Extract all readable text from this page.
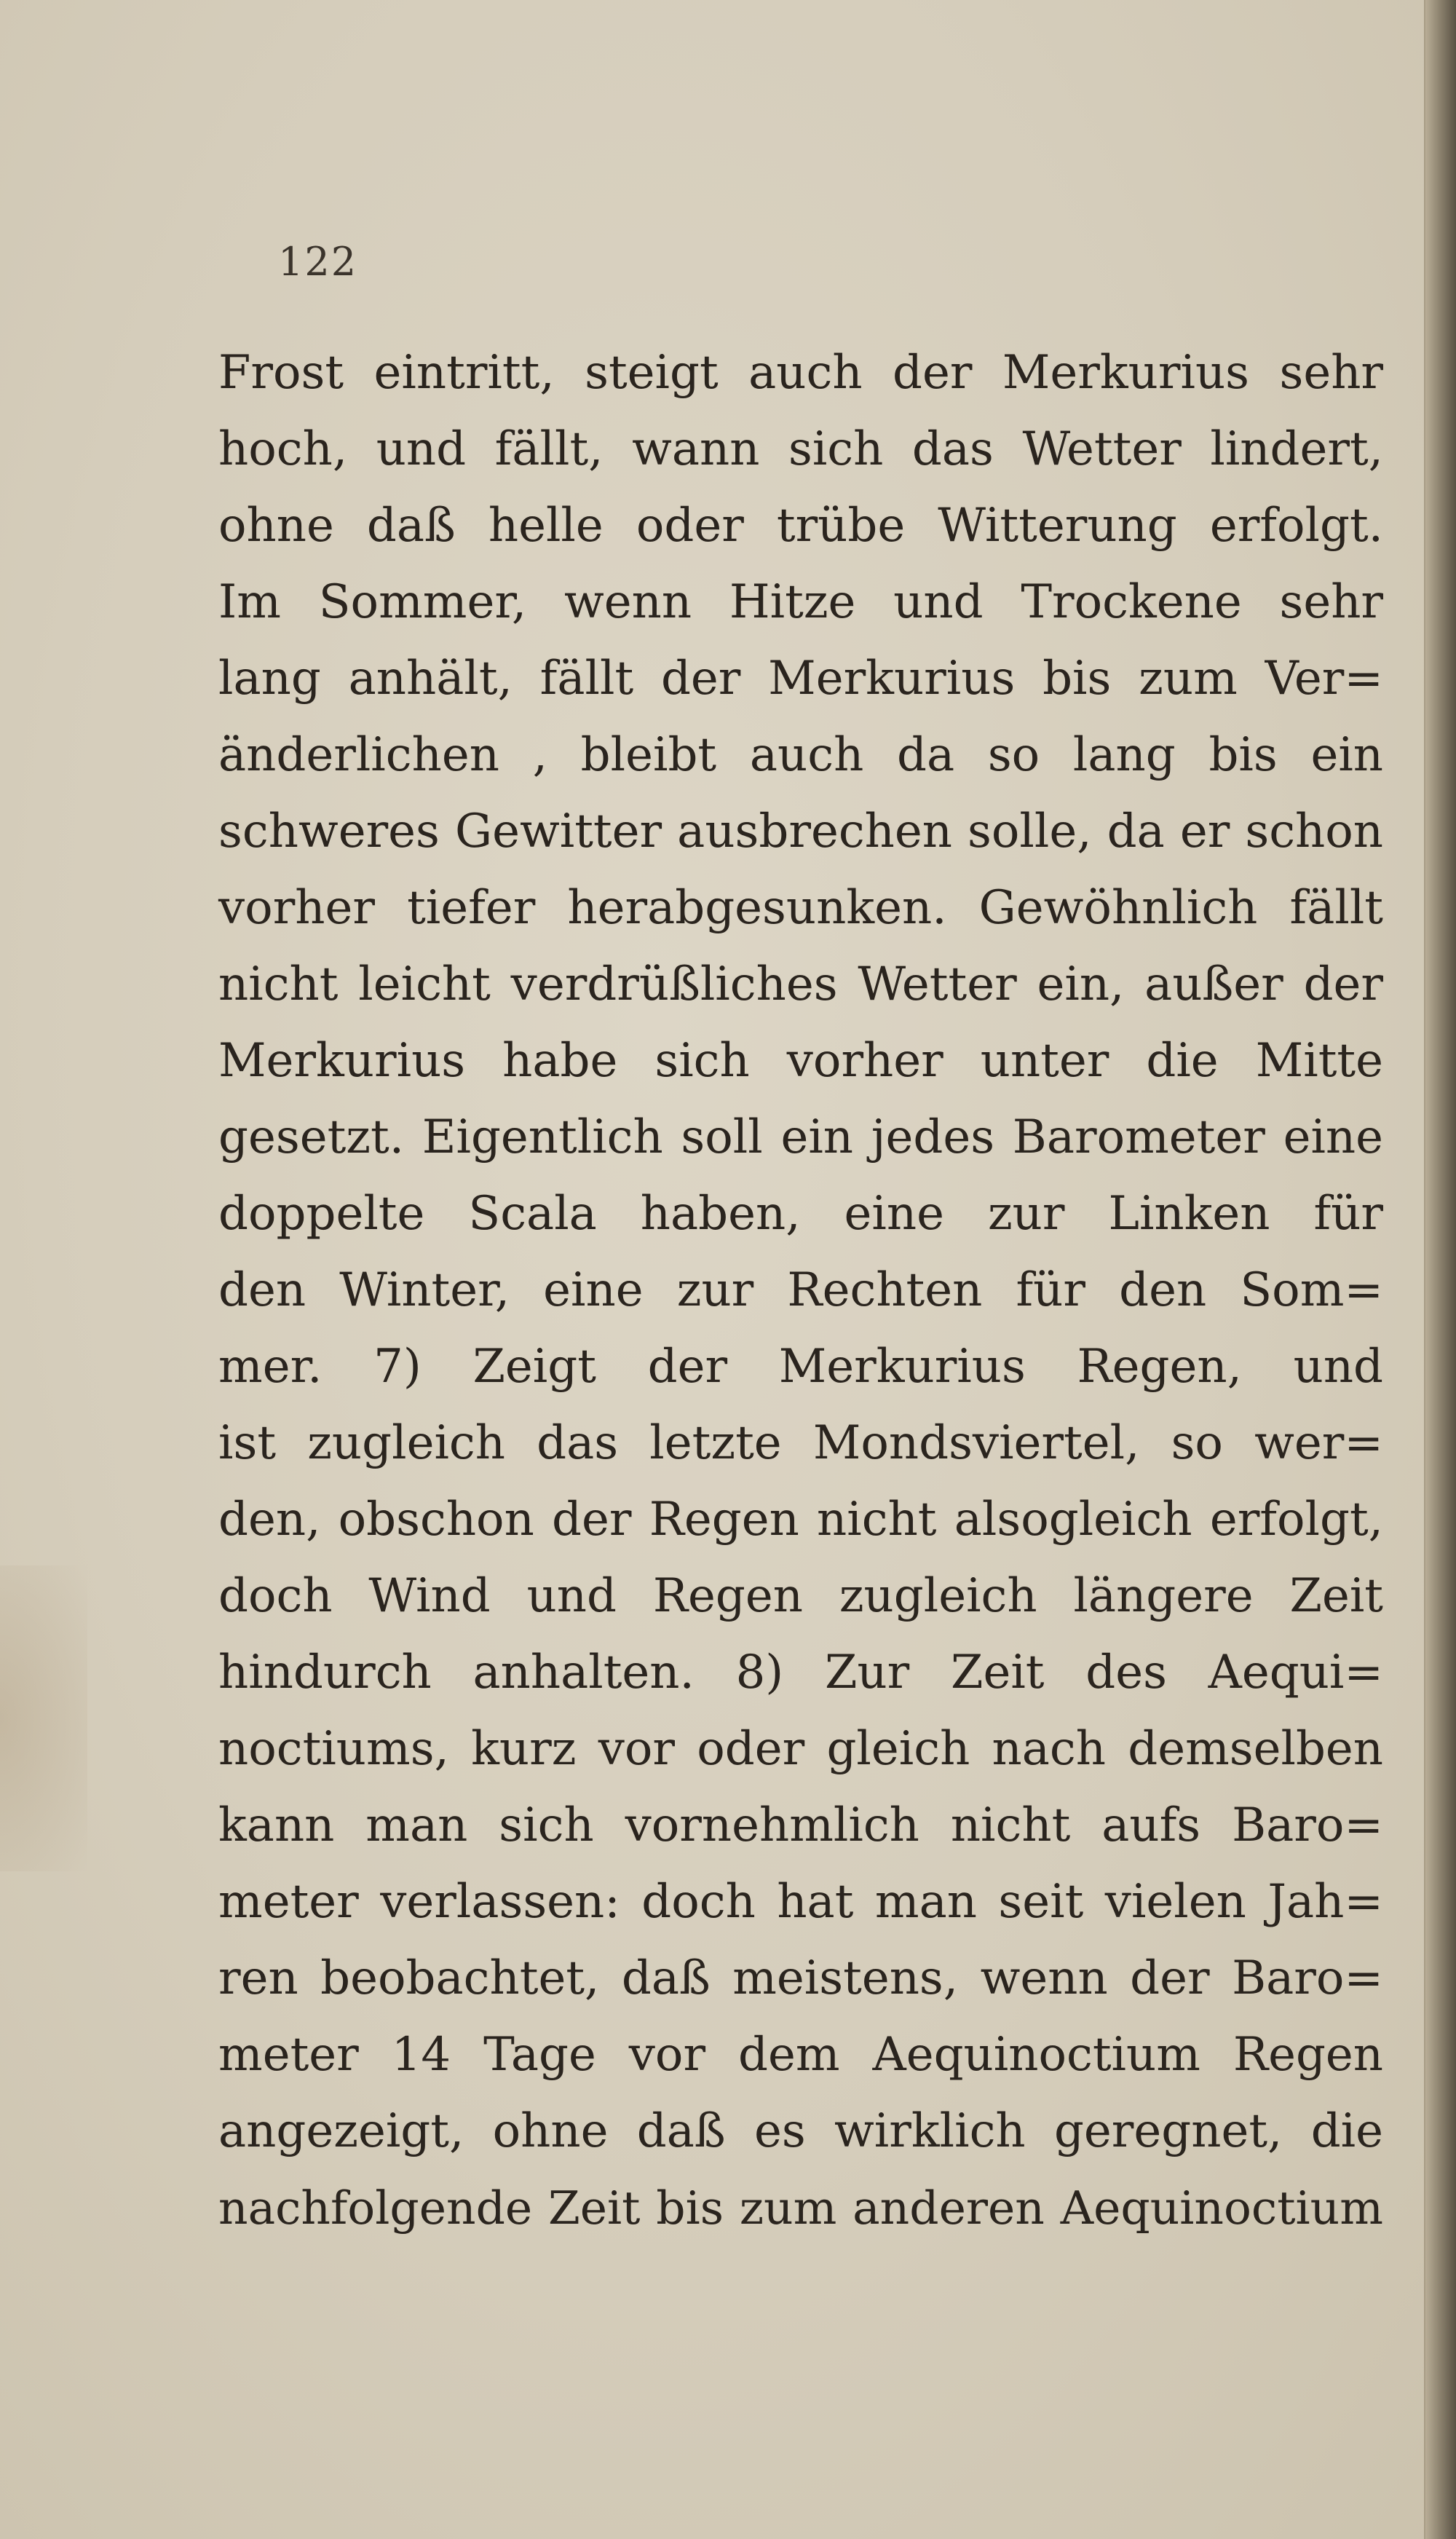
122
Frost eintritt, steigt auch der Merkurius sehr
hoch, und fällt, wann sich das Wetter lindert,
ohne daß helle oder trübe Witterung erfolgt.
Im Sommer, wenn Hitze und Trockene sehr
lang anhält, fällt der Merkurius bis zum Ver=
änderlichen , bleibt auch da so lang bis ein
schweres Gewitter ausbrechen solle, da er schon
vorher tiefer herabgesunken. Gewöhnlich fällt
nicht leicht verdrüßliches Wetter ein, außer der
Merkurius habe sich vorher unter die Mitte
gesetzt. Eigentlich soll ein jedes Barometer eine
doppelte Scala haben, eine zur Linken für
den Winter, eine zur Rechten für den Som=
mer. 7) Zeigt der Merkurius Regen, und
ist zugleich das letzte Mondsviertel, so wer=
den, obschon der Regen nicht alsogleich erfolgt,
doch Wind und Regen zugleich längere Zeit
hindurch anhalten. 8) Zur Zeit des Aequi=
noctiums, kurz vor oder gleich nach demselben
kann man sich vornehmlich nicht aufs Baro=
meter verlassen: doch hat man seit vielen Jah=
ren beobachtet, daß meistens, wenn der Baro=
meter 14 Tage vor dem Aequinoctium Regen
angezeigt, ohne daß es wirklich geregnet, die
nachfolgende Zeit bis zum anderen Aequinoctium
